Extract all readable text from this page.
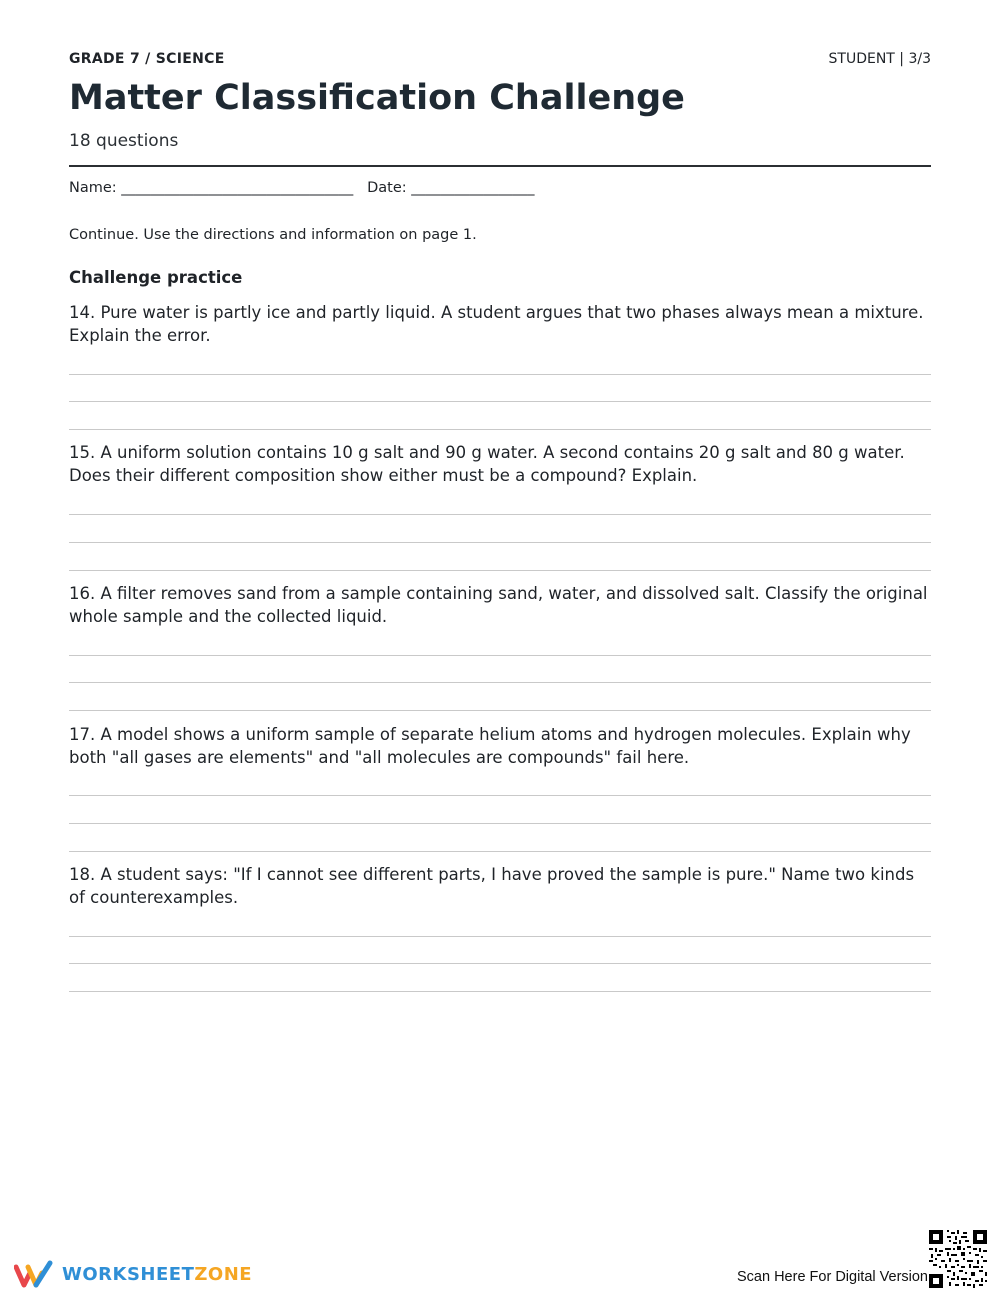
GRADE 7 / SCIENCE	STUDENT | 3/3
Matter Classification Challenge
18 questions
Name: ________________________________   Date: _________________
Continue. Use the directions and information on page 1.
Challenge practice

14. Pure water is partly ice and partly liquid. A student argues that two phases always mean a mixture. Explain the error.

15. A uniform solution contains 10 g salt and 90 g water. A second contains 20 g salt and 80 g water. Does their different composition show either must be a compound? Explain.

16. A filter removes sand from a sample containing sand, water, and dissolved salt. Classify the original whole sample and the collected liquid.

17. A model shows a uniform sample of separate helium atoms and hydrogen molecules. Explain why both "all gases are elements" and "all molecules are compounds" fail here.

18. A student says: "If I cannot see different parts, I have proved the sample is pure." Name two kinds of counterexamples.

WORKSHEETZONE	Scan Here For Digital Version
